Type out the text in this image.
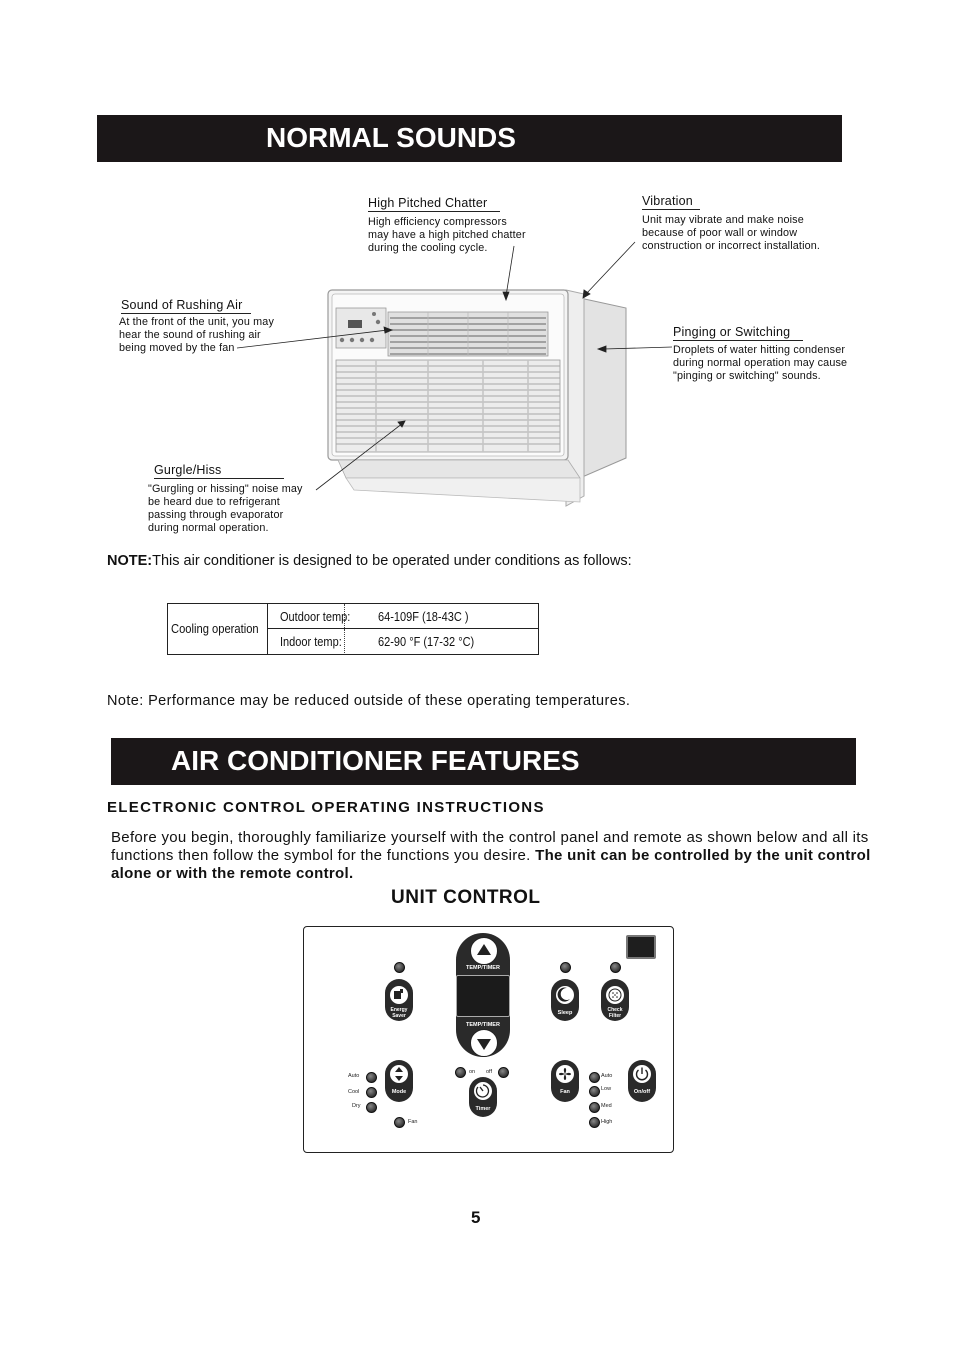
NORMAL SOUNDS
High Pitched Chatter
High efficiency compressors
may have a high pitched chatter
during the cooling cycle.
Vibration
Unit may vibrate and make noise
because of poor wall or window
construction or incorrect installation.
Sound of Rushing Air
At the front of the unit, you may
hear the sound of rushing air
being moved by the fan
Pinging or Switching
Droplets of water hitting condenser
during normal operation may cause
"pinging or switching" sounds.
Gurgle/Hiss
"Gurgling or hissing" noise may
be heard due to refrigerant
passing through evaporator
during normal operation.
NOTE:This air conditioner is designed to be operated under conditions as follows:
Cooling operation
Outdoor temp: 64-109F (18-43C )
Indoor temp:	62-90 °F (17-32 °C)
Note: Performance may be reduced outside of these operating temperatures.
AIR CONDITIONER FEATURES
ELECTRONIC CONTROL OPERATING INSTRUCTIONS
Before you begin, thoroughly familiarize yourself with the control panel and remote as shown below and all its functions then follow the symbol for the functions you desire. The unit can be controlled by the unit control alone or with the remote control.
UNIT CONTROL
TEMP/TIMER
TEMP/TIMER
Energy Saver	Sleep	Check Filter
Auto
Cool
Dry
Mode
Fan
on off
Timer
Fan
Auto
Low
Med
High
On/off
5
